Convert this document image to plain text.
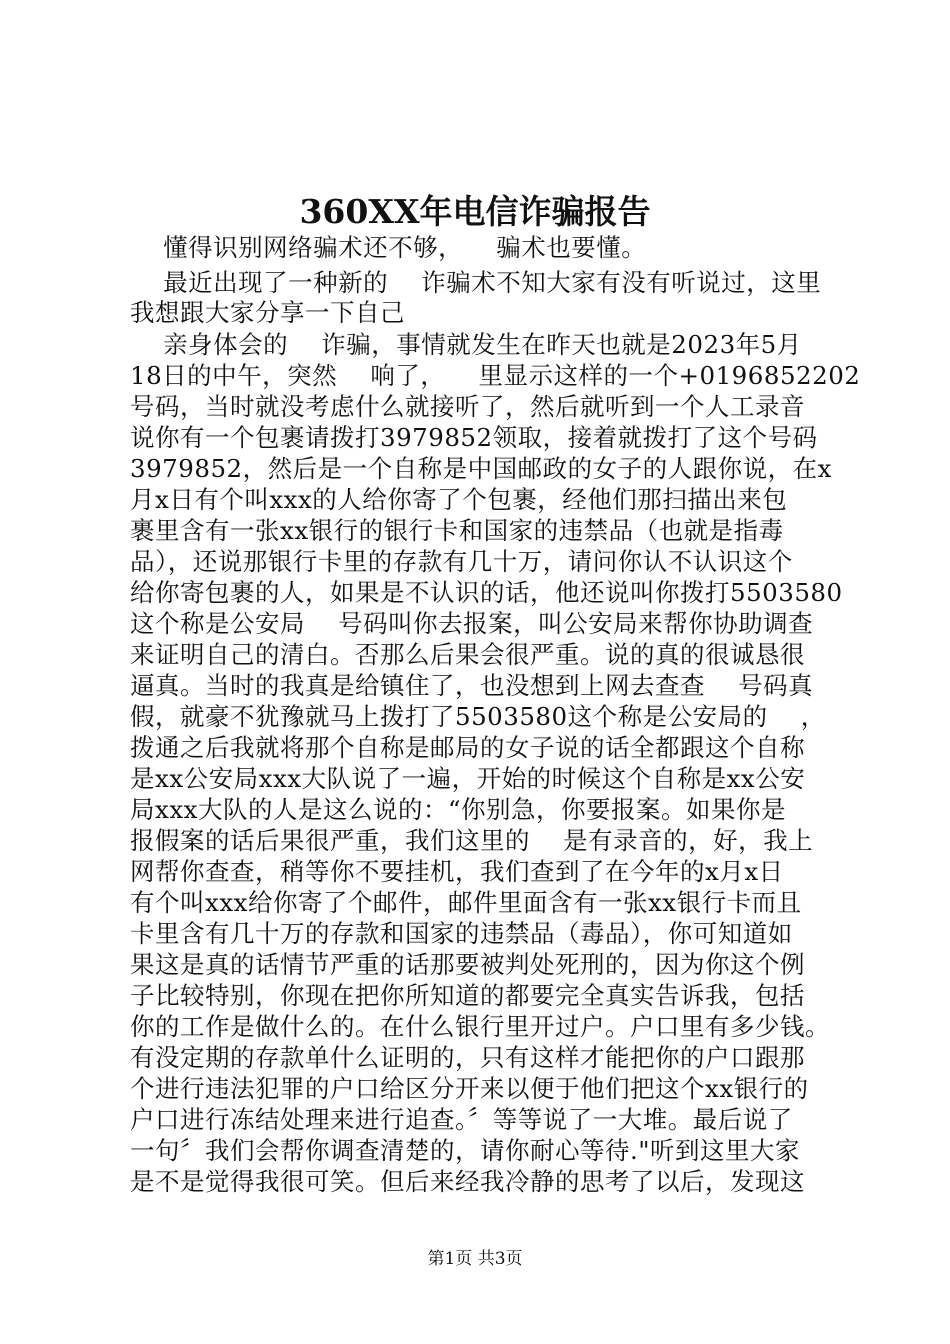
360XX年电信诈骗报告

懂得识别网络骗术还不够，    骗术也要懂。

最近出现了一种新的    诈骗术不知大家有没有听说过，这里

我想跟大家分享一下自己

亲身体会的    诈骗，事情就发生在昨天也就是2023年5月

18日的中午，突然    响了，    里显示这样的一个+0196852202

号码，当时就没考虑什么就接听了，然后就听到一个人工录音

说你有一个包裹请拨打3979852领取，接着就拨打了这个号码

3979852，然后是一个自称是中国邮政的女子的人跟你说，在x

月x日有个叫xxx的人给你寄了个包裹，经他们那扫描出来包

裹里含有一张xx银行的银行卡和国家的违禁品（也就是指毒

品），还说那银行卡里的存款有几十万，请问你认不认识这个

给你寄包裹的人，如果是不认识的话，他还说叫你拨打5503580

这个称是公安局    号码叫你去报案，叫公安局来帮你协助调查

来证明自己的清白。否那么后果会很严重。说的真的很诚恳很

逼真。当时的我真是给镇住了，也没想到上网去查查    号码真

假，就豪不犹豫就马上拨打了5503580这个称是公安局的    ，

拨通之后我就将那个自称是邮局的女子说的话全都跟这个自称

是xx公安局xxx大队说了一遍，开始的时候这个自称是xx公安

局xxx大队的人是这么说的：“你别急，你要报案。如果你是

报假案的话后果很严重，我们这里的    是有录音的，好，我上

网帮你查查，稍等你不要挂机，我们查到了在今年的x月x日

有个叫xxx给你寄了个邮件，邮件里面含有一张xx银行卡而且

卡里含有几十万的存款和国家的违禁品（毒品），你可知道如

果这是真的话情节严重的话那要被判处死刑的，因为你这个例

子比较特别，你现在把你所知道的都要完全真实告诉我，包括

你的工作是做什么的。在什么银行里开过户。户口里有多少钱。

有没定期的存款单什么证明的，只有这样才能把你的户口跟那

个进行违法犯罪的户口给区分开来以便于他们把这个xx银行的

户口进行冻结处理来进行追查。〞等等说了一大堆。最后说了

一句〞我们会帮你调查清楚的，请你耐心等待."听到这里大家

是不是觉得我很可笑。但后来经我冷静的思考了以后，发现这

第1页 共3页
